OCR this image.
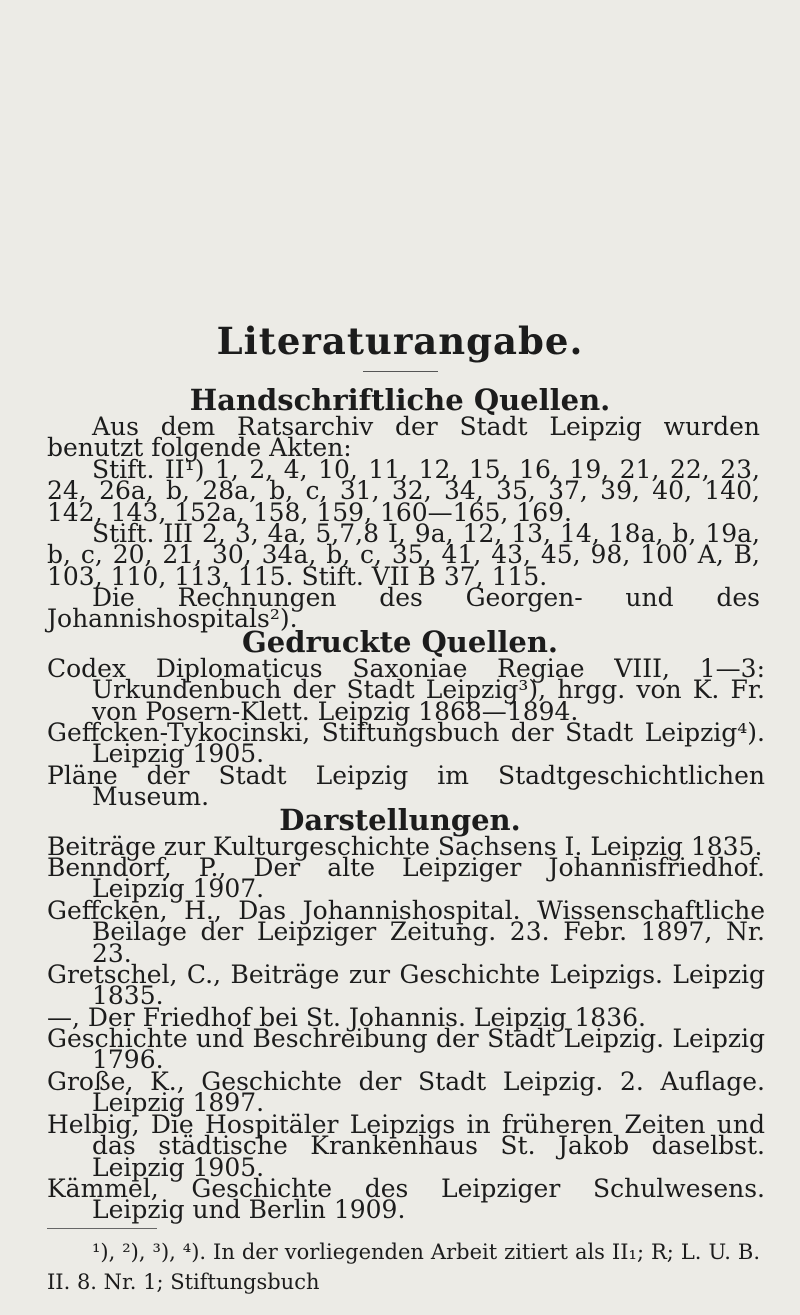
Literaturangabe.
Handschriftliche Quellen.
Aus dem Ratsarchiv der Stadt Leipzig wurden benutzt folgende Akten:
Stift. II¹) 1, 2, 4, 10, 11, 12, 15, 16, 19, 21, 22, 23, 24, 26a, b, 28a, b, c, 31, 32, 34, 35, 37, 39, 40, 140, 142, 143, 152a, 158, 159, 160—165, 169.
Stift. III 2, 3, 4a, 5,7,8 I, 9a, 12, 13, 14, 18a, b, 19a, b, c, 20, 21, 30, 34a, b, c, 35, 41, 43, 45, 98, 100 A, B, 103, 110, 113, 115. Stift. VII B 37, 115.
Die Rechnungen des Georgen- und des Johannishospitals²).
Gedruckte Quellen.
Codex Diplomaticus Saxoniae Regiae VIII, 1—3: Urkundenbuch der Stadt Leipzig³), hrgg. von K. Fr. von Posern-Klett. Leipzig 1868—1894.
Geffcken-Tykocinski, Stiftungsbuch der Stadt Leipzig⁴). Leipzig 1905.
Pläne der Stadt Leipzig im Stadtgeschichtlichen Museum.
Darstellungen.
Beiträge zur Kulturgeschichte Sachsens I. Leipzig 1835.
Benndorf, P., Der alte Leipziger Johannisfriedhof. Leipzig 1907.
Geffcken, H., Das Johannishospital. Wissenschaftliche Beilage der Leipziger Zeitung. 23. Febr. 1897, Nr. 23.
Gretschel, C., Beiträge zur Geschichte Leipzigs. Leipzig 1835.
—, Der Friedhof bei St. Johannis. Leipzig 1836.
Geschichte und Beschreibung der Stadt Leipzig. Leipzig 1796.
Große, K., Geschichte der Stadt Leipzig. 2. Auflage. Leipzig 1897.
Helbig, Die Hospitäler Leipzigs in früheren Zeiten und das städtische Krankenhaus St. Jakob daselbst. Leipzig 1905.
Kämmel, Geschichte des Leipziger Schulwesens. Leipzig und Berlin 1909.
¹), ²), ³), ⁴). In der vorliegenden Arbeit zitiert als II₁; R; L. U. B. II. 8. Nr. 1; Stiftungsbuch
